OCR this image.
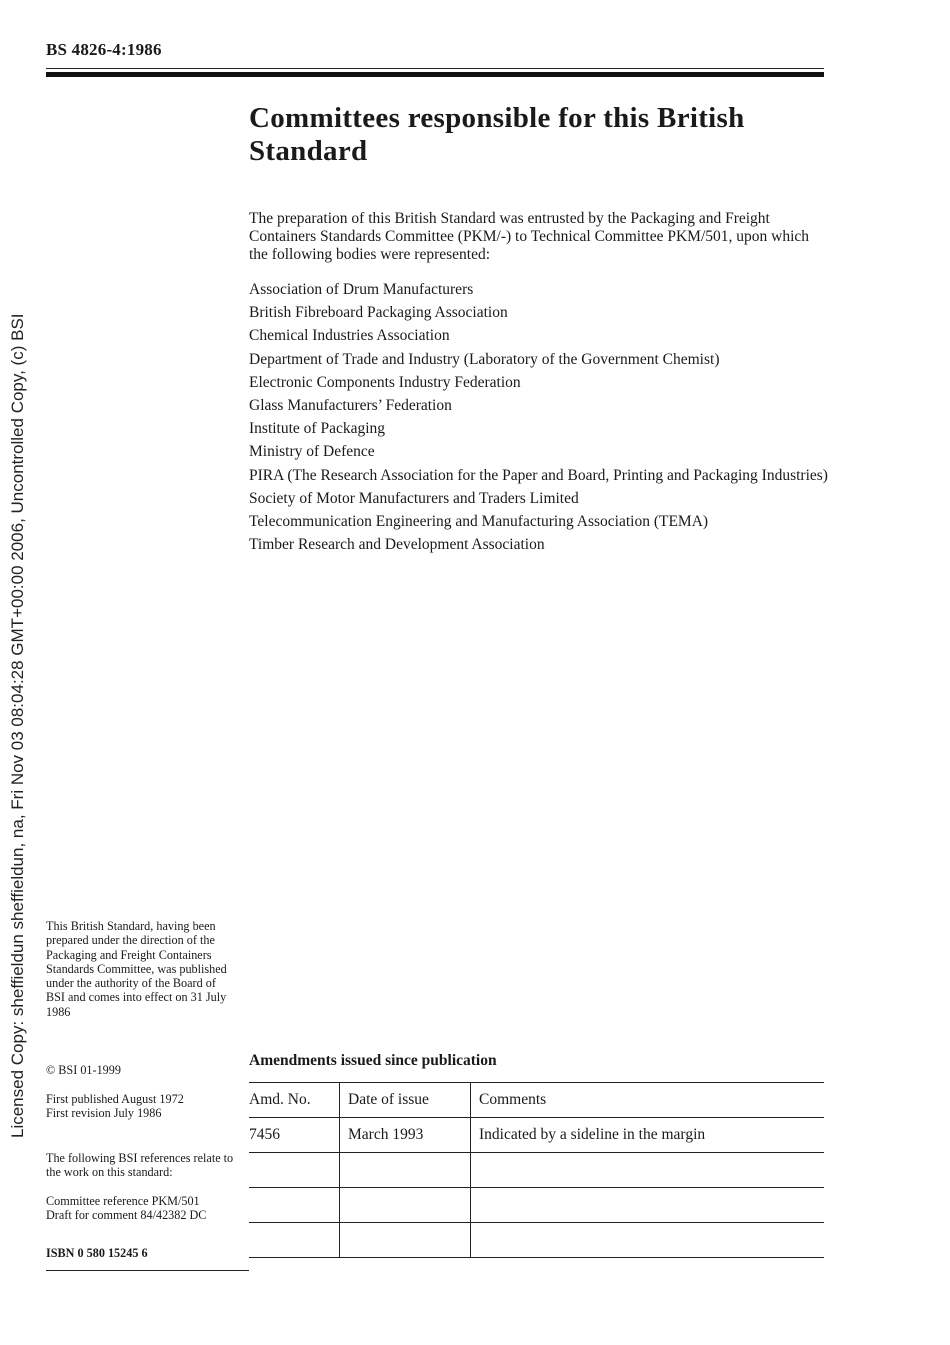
BS 4826-4:1986
Licensed Copy: sheffieldun sheffieldun, na, Fri Nov 03 08:04:28 GMT+00:00 2006, Uncontrolled Copy, (c) BSI
Committees responsible for this British Standard

The preparation of this British Standard was entrusted by the Packaging and Freight Containers Standards Committee (PKM/-) to Technical Committee PKM/501, upon which the following bodies were represented:

Association of Drum Manufacturers
British Fibreboard Packaging Association
Chemical Industries Association
Department of Trade and Industry (Laboratory of the Government Chemist)
Electronic Components Industry Federation
Glass Manufacturers’ Federation
Institute of Packaging
Ministry of Defence
PIRA (The Research Association for the Paper and Board, Printing and Packaging Industries)
Society of Motor Manufacturers and Traders Limited
Telecommunication Engineering and Manufacturing Association (TEMA)
Timber Research and Development Association

This British Standard, having been prepared under the direction of the Packaging and Freight Containers Standards Committee, was published under the authority of the Board of BSI and comes into effect on 31 July 1986

© BSI 01-1999

First published August 1972

First revision July 1986

The following BSI references relate to the work on this standard:

Committee reference PKM/501

Draft for comment 84/42382 DC

ISBN 0 580 15245 6

Amendments issued since publication
Amd. No.	Date of issue	Comments
7456	March 1993	Indicated by a sideline in the margin
